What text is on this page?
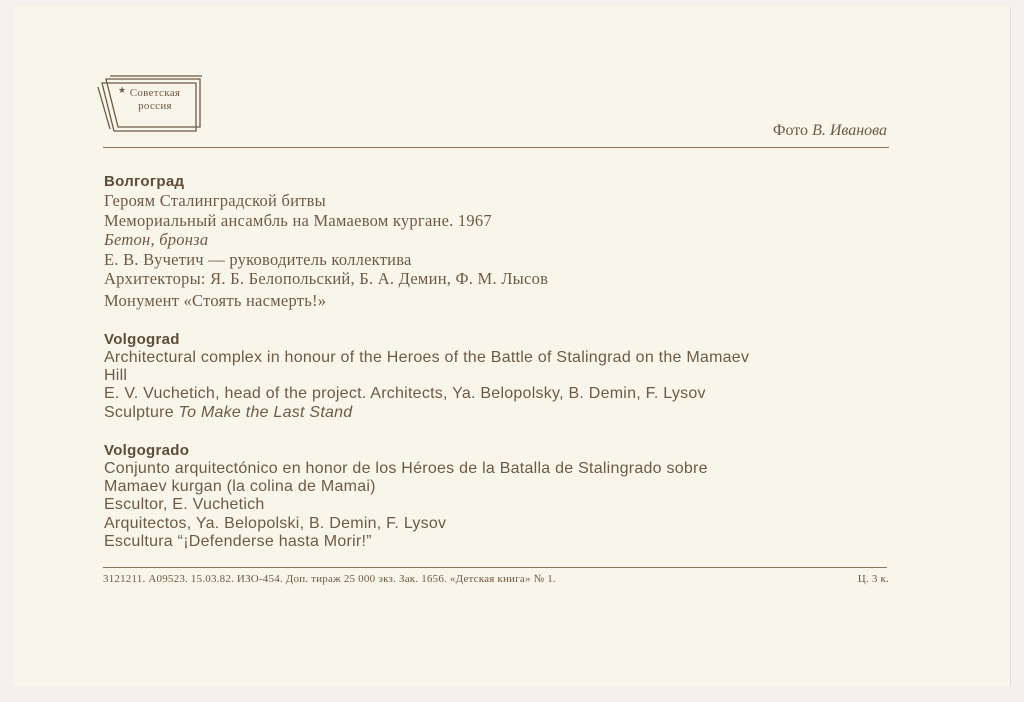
★ Советская
россия
Фото В. Иванова
Волгоград
Героям Сталинградской битвы
Мемориальный ансамбль на Мамаевом кургане. 1967
Бетон, бронза
Е. В. Вучетич — руководитель коллектива
Архитекторы: Я. Б. Белопольский, Б. А. Демин, Ф. М. Лысов
Монумент «Стоять насмерть!»
Volgograd
Architectural complex in honour of the Heroes of the Battle of Stalingrad on the Mamaev
Hill
E. V. Vuchetich, head of the project. Architects, Ya. Belopolsky, B. Demin, F. Lysov
Sculpture To Make the Last Stand
Volgogrado
Conjunto arquitectónico en honor de los Héroes de la Batalla de Stalingrado sobre
Mamaev kurgan (la colina de Mamai)
Escultor, E. Vuchetich
Arquitectos, Ya. Belopolski, B. Demin, F. Lysov
Escultura “¡Defenderse hasta Morir!”
3121211. А09523. 15.03.82. ИЗО-454. Доп. тираж 25 000 экз. Зак. 1656. «Детская книга» № 1.	Ц. 3 к.
